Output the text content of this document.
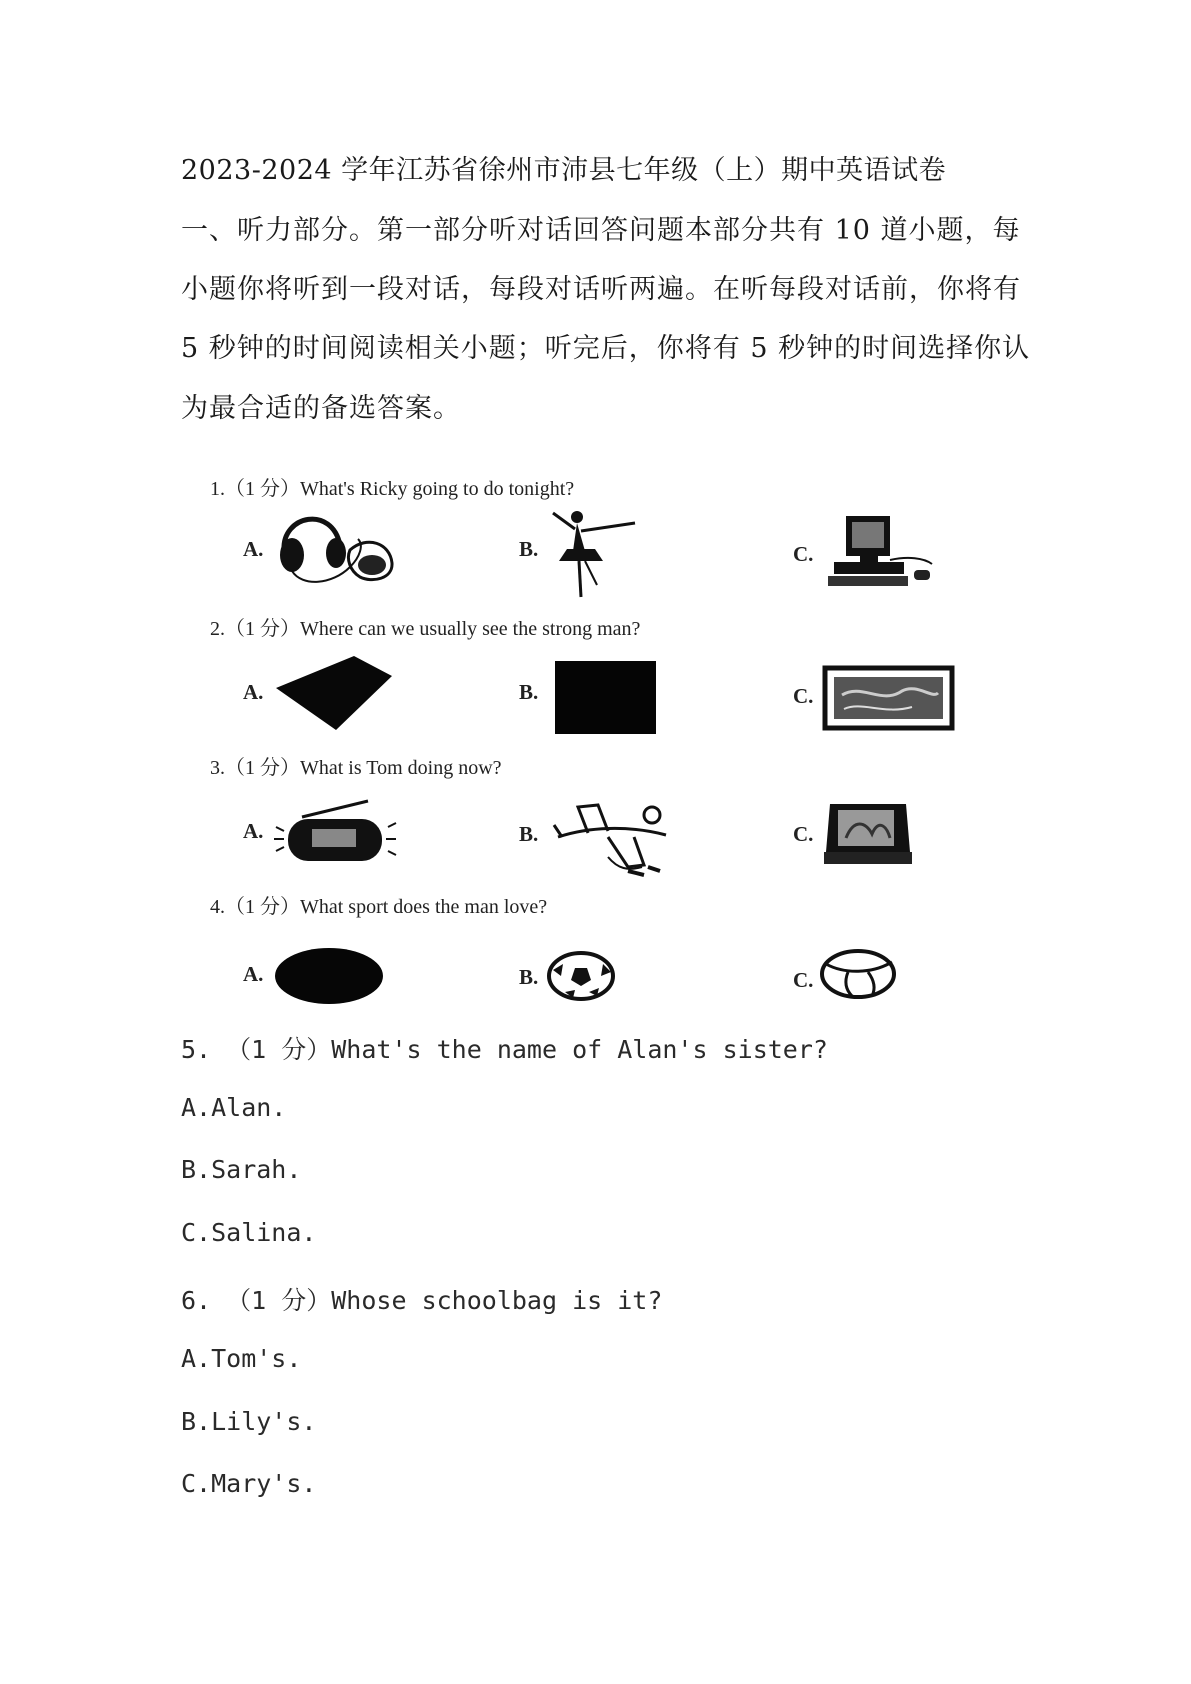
2023-2024 学年江苏省徐州市沛县七年级（上）期中英语试卷
一、听力部分。第一部分听对话回答问题本部分共有 10 道小题，每
小题你将听到一段对话，每段对话听两遍。在听每段对话前，你将有
5 秒钟的时间阅读相关小题；听完后，你将有 5 秒钟的时间选择你认
为最合适的备选答案。
1.（1 分）What's Ricky going to do tonight?
A.	B.	C.
2.（1 分）Where can we usually see the strong man?
A.	B.	C.
3.（1 分）What is Tom doing now?
A.	B.	C.
4.（1 分）What sport does the man love?
A.	B.	C.
5. （1 分）What's the name of Alan's sister?
A.Alan.
B.Sarah.
C.Salina.
6. （1 分）Whose schoolbag is it?
A.Tom's.
B.Lily's.
C.Mary's.
